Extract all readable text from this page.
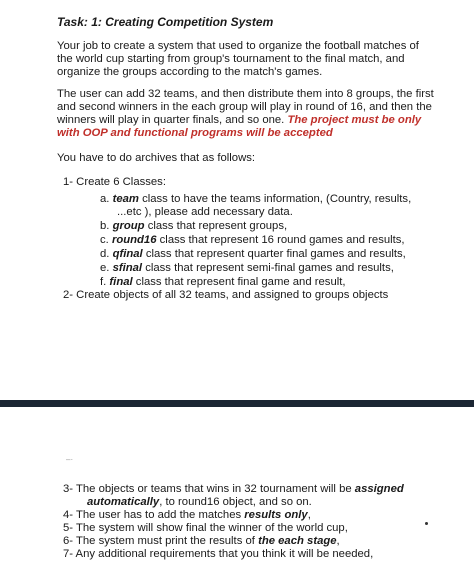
Task: 1: Creating Competition System
Your job to create a system that used to organize the football matches of
the world cup starting from group's tournament to the final match, and
organize the groups according to the match's games.
The user can add 32 teams, and then distribute them into 8 groups, the first
and second winners in the each group will play in round of 16, and then the
winners will play in quarter finals, and so one. The project must be only
with OOP and functional programs will be accepted
You have to do archives that as follows:
1- Create 6 Classes:
a. team class to have the teams information, (Country, results,
...etc ), please add necessary data.
b. group class that represent groups,
c. round16 class that represent 16 round games and results,
d. qfinal class that represent quarter final games and results,
e. sfinal class that represent semi-final games and results,
f. final class that represent final game and result,
2- Create objects of all 32 teams, and assigned to groups objects
–·
3- The objects or teams that wins in 32 tournament will be assigned
automatically, to round16 object, and so on.
4- The user has to add the matches results only,
5- The system will show final the winner of the world cup,
6- The system must print the results of the each stage,
7- Any additional requirements that you think it will be needed,
